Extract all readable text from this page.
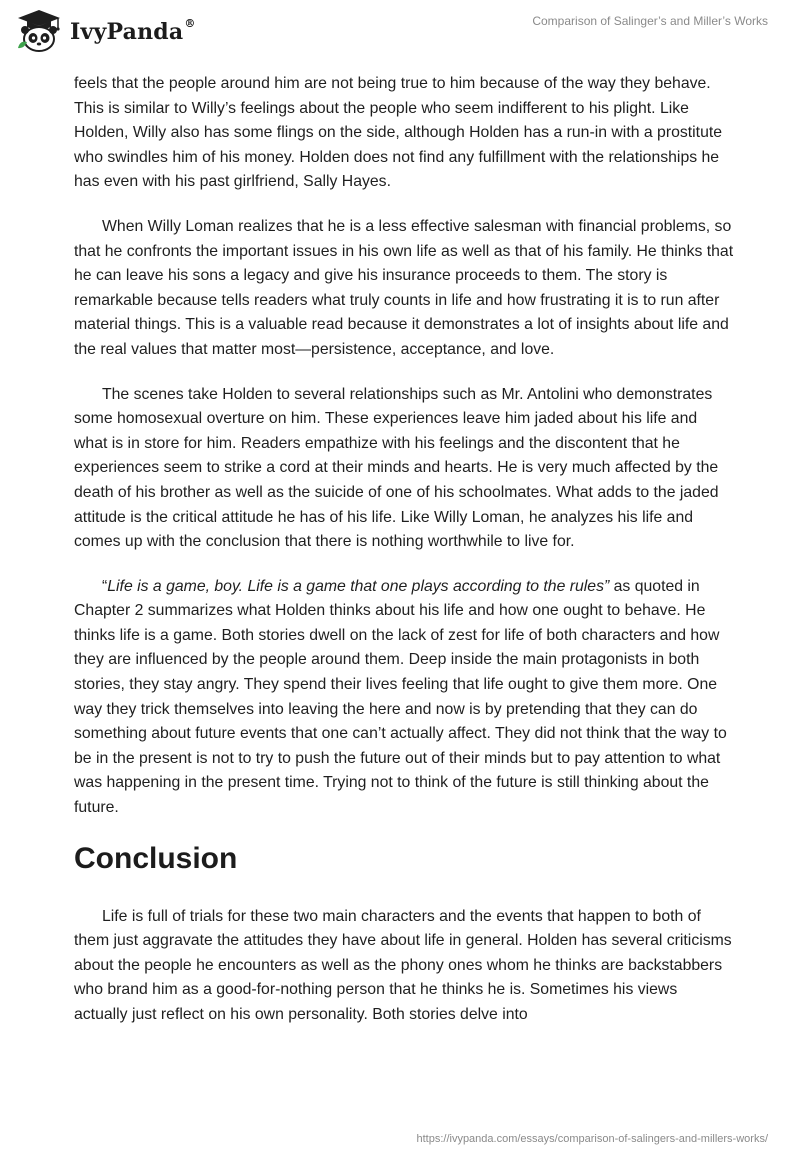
IvyPanda®	Comparison of Salinger’s and Miller’s Works

feels that the people around him are not being true to him because of the way they behave. This is similar to Willy’s feelings about the people who seem indifferent to his plight. Like Holden, Willy also has some flings on the side, although Holden has a run-in with a prostitute who swindles him of his money. Holden does not find any fulfillment with the relationships he has even with his past girlfriend, Sally Hayes.

When Willy Loman realizes that he is a less effective salesman with financial problems, so that he confronts the important issues in his own life as well as that of his family. He thinks that he can leave his sons a legacy and give his insurance proceeds to them. The story is remarkable because tells readers what truly counts in life and how frustrating it is to run after material things. This is a valuable read because it demonstrates a lot of insights about life and the real values that matter most—persistence, acceptance, and love.

The scenes take Holden to several relationships such as Mr. Antolini who demonstrates some homosexual overture on him. These experiences leave him jaded about his life and what is in store for him. Readers empathize with his feelings and the discontent that he experiences seem to strike a cord at their minds and hearts. He is very much affected by the death of his brother as well as the suicide of one of his schoolmates. What adds to the jaded attitude is the critical attitude he has of his life. Like Willy Loman, he analyzes his life and comes up with the conclusion that there is nothing worthwhile to live for.

“Life is a game, boy. Life is a game that one plays according to the rules” as quoted in Chapter 2 summarizes what Holden thinks about his life and how one ought to behave. He thinks life is a game. Both stories dwell on the lack of zest for life of both characters and how they are influenced by the people around them. Deep inside the main protagonists in both stories, they stay angry. They spend their lives feeling that life ought to give them more. One way they trick themselves into leaving the here and now is by pretending that they can do something about future events that one can’t actually affect. They did not think that the way to be in the present is not to try to push the future out of their minds but to pay attention to what was happening in the present time. Trying not to think of the future is still thinking about the future.

Conclusion

Life is full of trials for these two main characters and the events that happen to both of them just aggravate the attitudes they have about life in general. Holden has several criticisms about the people he encounters as well as the phony ones whom he thinks are backstabbers who brand him as a good-for-nothing person that he thinks he is. Sometimes his views actually just reflect on his own personality. Both stories delve into

https://ivypanda.com/essays/comparison-of-salingers-and-millers-works/
